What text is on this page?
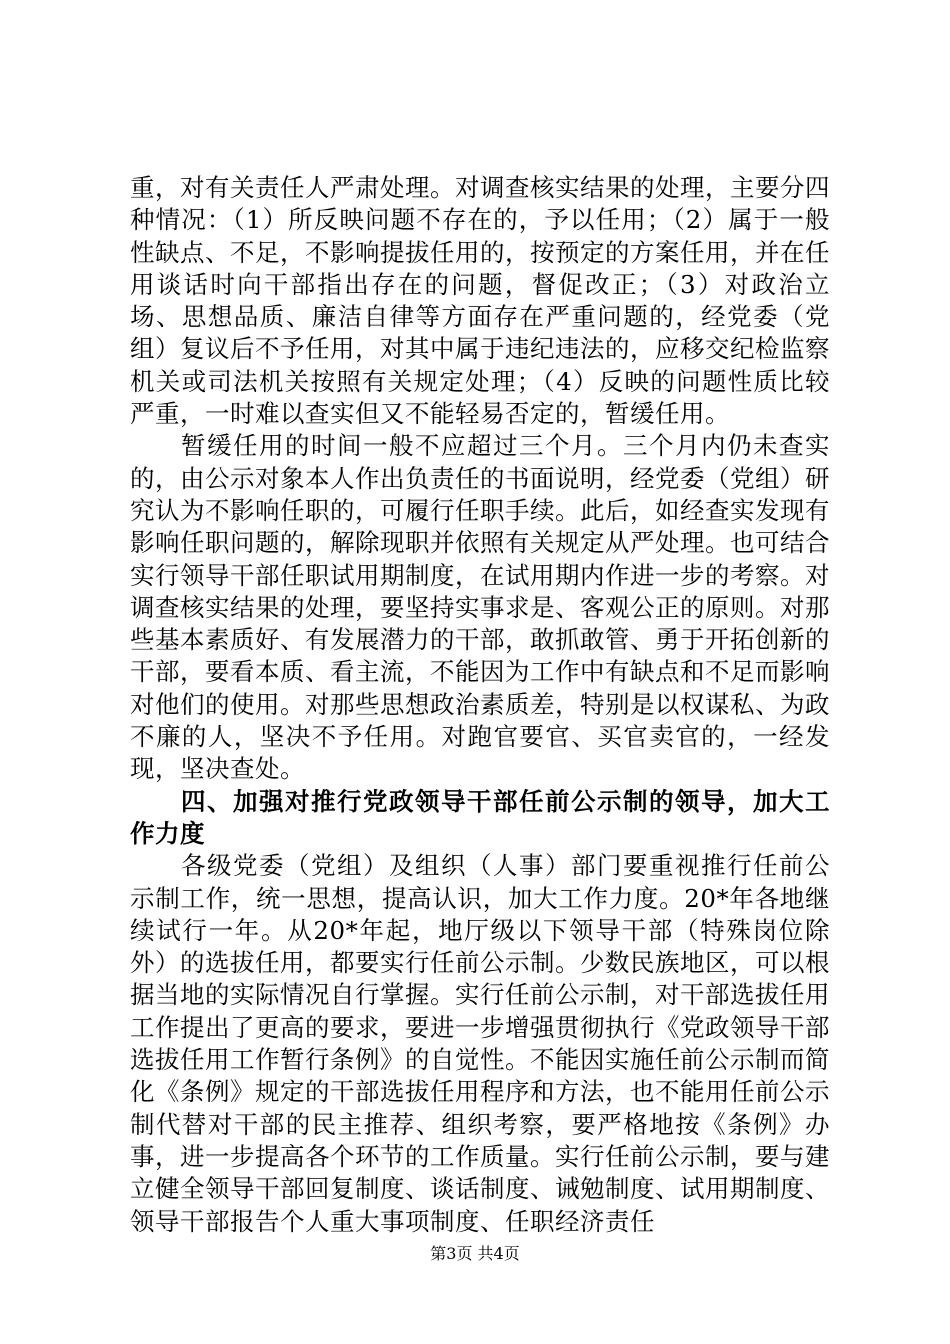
重，对有关责任人严肃处理。对调查核实结果的处理，主要分四种情况：（1）所反映问题不存在的，予以任用；（2）属于一般性缺点、不足，不影响提拔任用的，按预定的方案任用，并在任用谈话时向干部指出存在的问题，督促改正；（3）对政治立场、思想品质、廉洁自律等方面存在严重问题的，经党委（党组）复议后不予任用，对其中属于违纪违法的，应移交纪检监察机关或司法机关按照有关规定处理；（4）反映的问题性质比较严重，一时难以查实但又不能轻易否定的，暂缓任用。

暂缓任用的时间一般不应超过三个月。三个月内仍未查实的，由公示对象本人作出负责任的书面说明，经党委（党组）研究认为不影响任职的，可履行任职手续。此后，如经查实发现有影响任职问题的，解除现职并依照有关规定从严处理。也可结合实行领导干部任职试用期制度，在试用期内作进一步的考察。对调查核实结果的处理，要坚持实事求是、客观公正的原则。对那些基本素质好、有发展潜力的干部，敢抓敢管、勇于开拓创新的干部，要看本质、看主流，不能因为工作中有缺点和不足而影响对他们的使用。对那些思想政治素质差，特别是以权谋私、为政不廉的人，坚决不予任用。对跑官要官、买官卖官的，一经发现，坚决查处。

四、加强对推行党政领导干部任前公示制的领导，加大工作力度

各级党委（党组）及组织（人事）部门要重视推行任前公示制工作，统一思想，提高认识，加大工作力度。20*年各地继续试行一年。从20*年起，地厅级以下领导干部（特殊岗位除外）的选拔任用，都要实行任前公示制。少数民族地区，可以根据当地的实际情况自行掌握。实行任前公示制，对干部选拔任用工作提出了更高的要求，要进一步增强贯彻执行《党政领导干部选拔任用工作暂行条例》的自觉性。不能因实施任前公示制而简化《条例》规定的干部选拔任用程序和方法，也不能用任前公示制代替对干部的民主推荐、组织考察，要严格地按《条例》办事，进一步提高各个环节的工作质量。实行任前公示制，要与建立健全领导干部回复制度、谈话制度、诫勉制度、试用期制度、领导干部报告个人重大事项制度、任职经济责任

第3页 共4页
